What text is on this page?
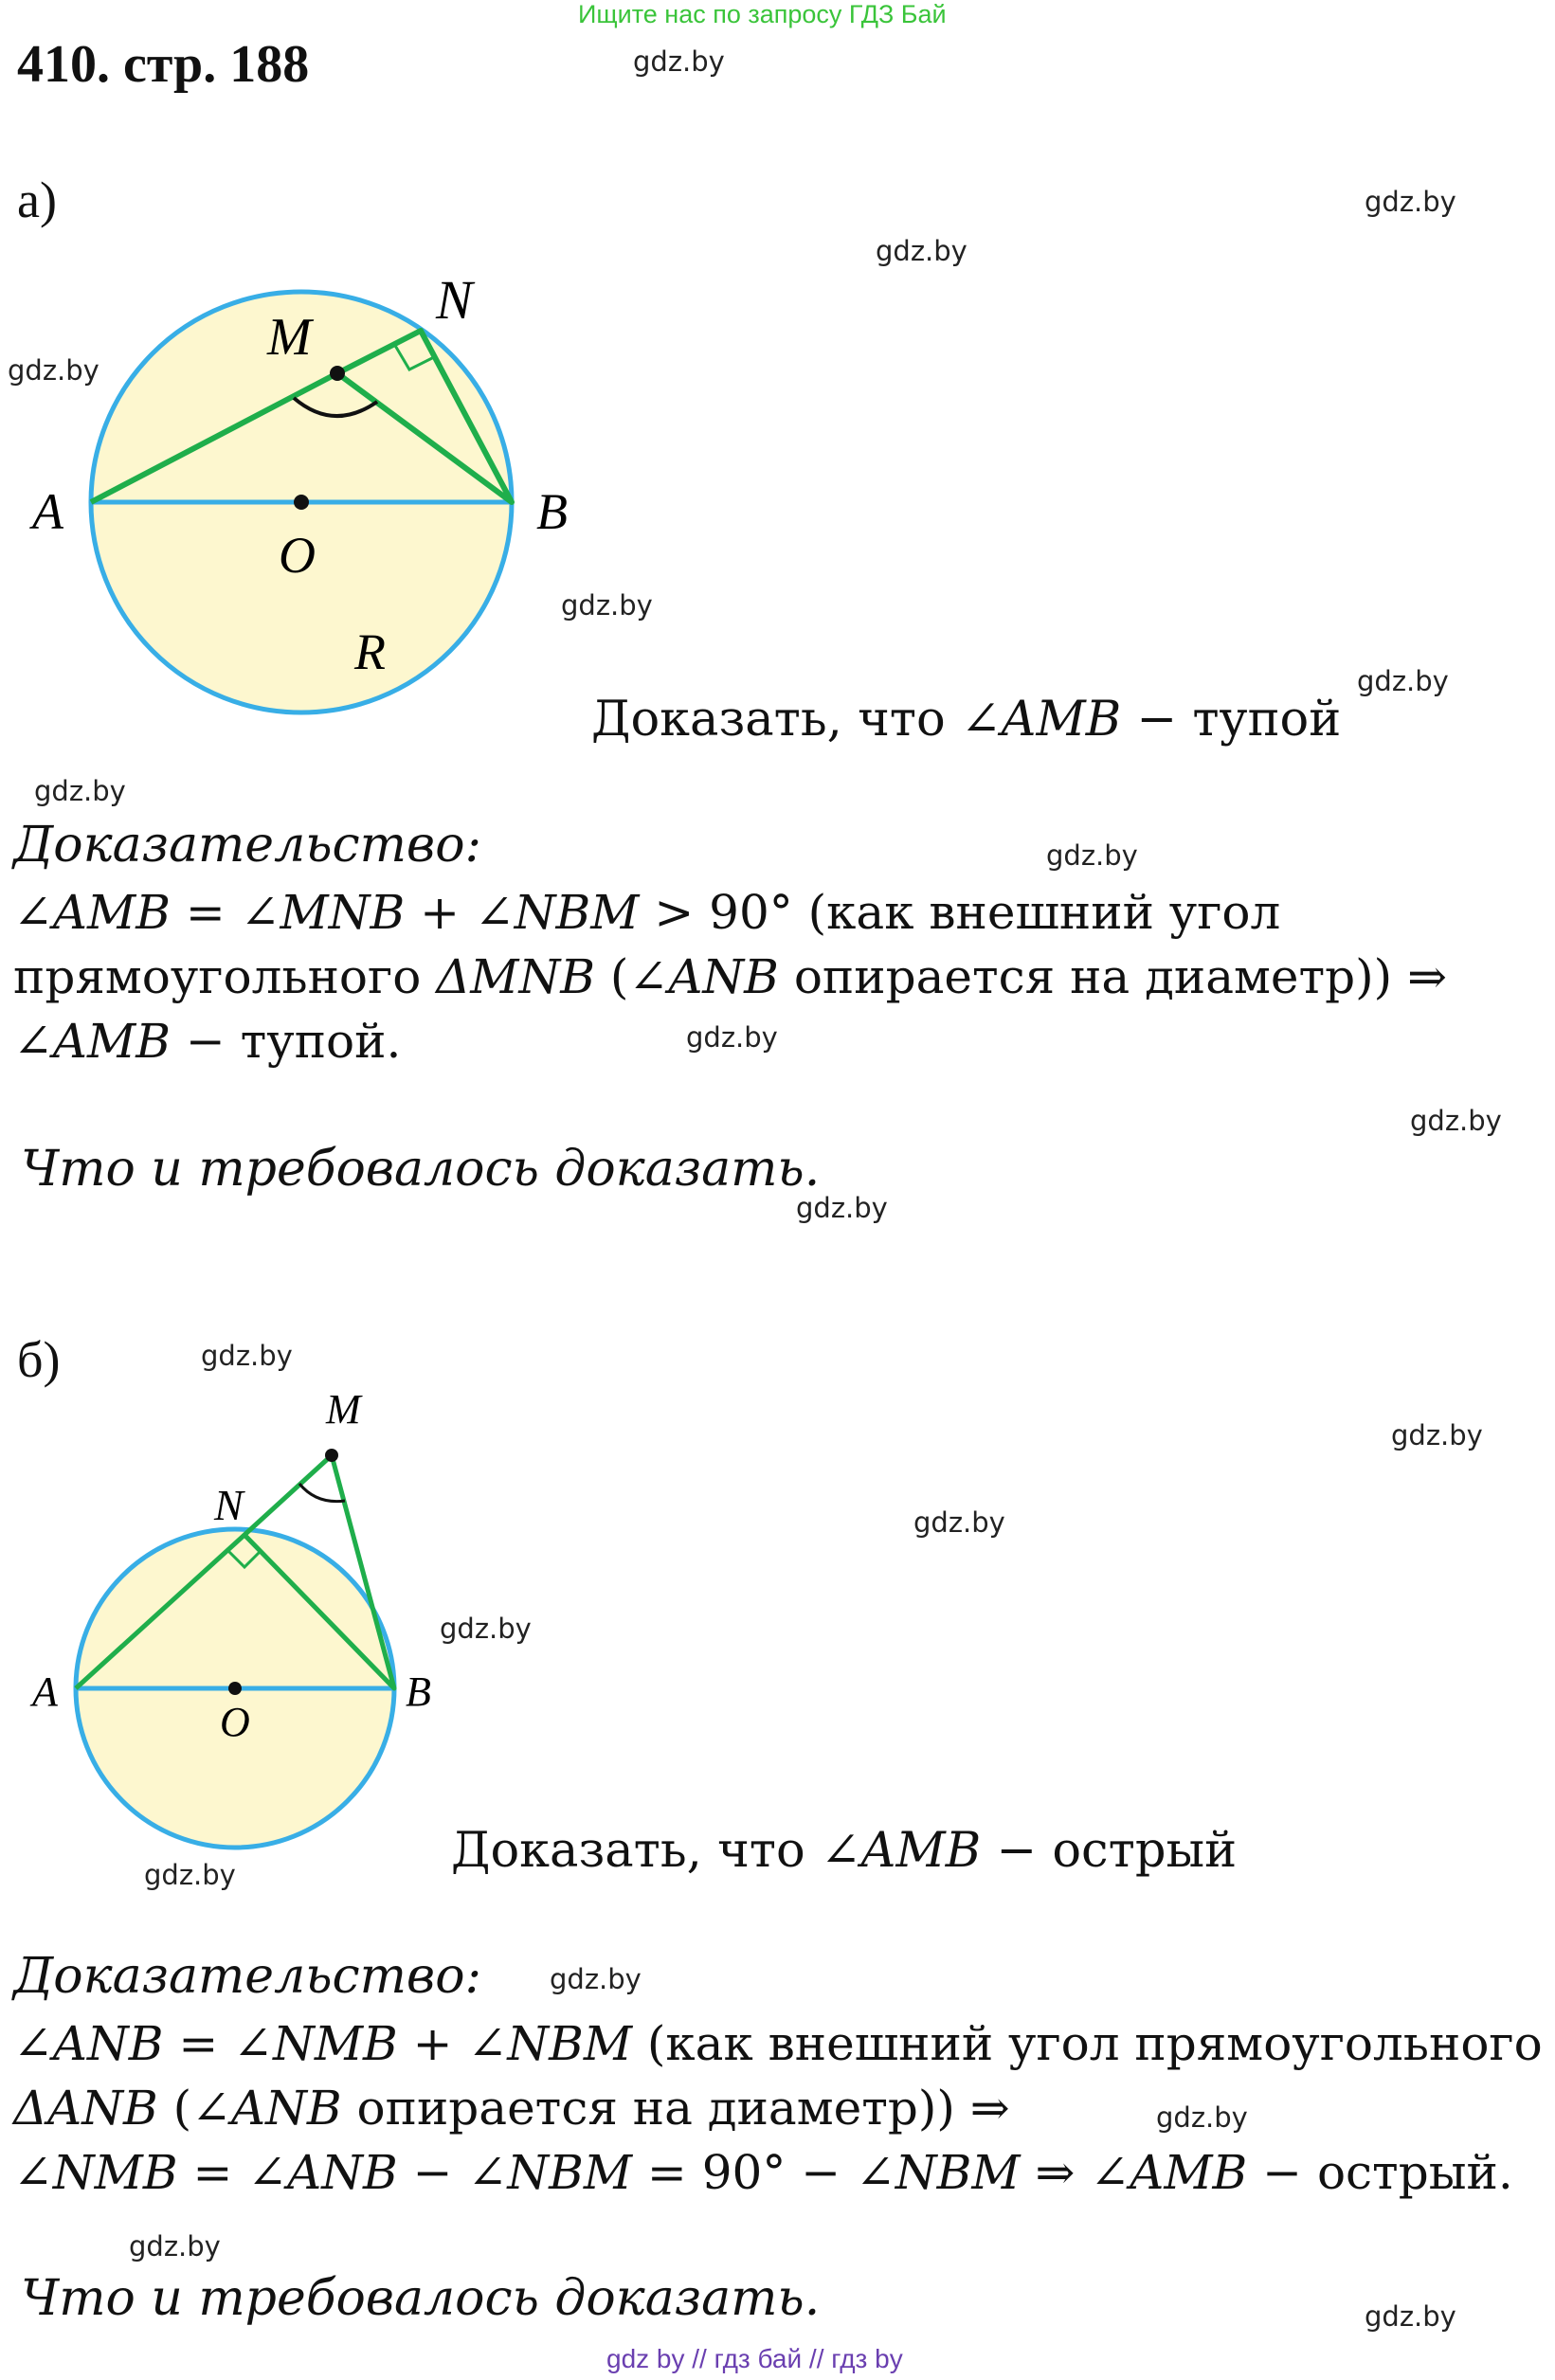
Ищите нас по запросу ГДЗ Бай
410. стр. 188	gdz.by
gdz.by
gdz.by
gdz.by
gdz.by
gdz.by
gdz.by
gdz.by
gdz.by
gdz.by
gdz.by
gdz.by
gdz.by
gdz.by
gdz.by
gdz.by
gdz.by
gdz.by
gdz.by
gdz.by
а)
A	B
M
N
O
R
Доказать, что ∠AMB − тупой
Доказательство:
∠AMB = ∠MNB + ∠NBM > 90° (как внешний угол
прямоугольного ΔMNB (∠ANB опирается на диаметр)) ⇒
∠AMB − тупой.
Что и требовалось доказать.
б)
A	B
M
N
O
Доказать, что ∠AMB − острый
Доказательство:
∠ANB = ∠NMB + ∠NBM (как внешний угол прямоугольного
ΔANB (∠ANB опирается на диаметр)) ⇒
∠NMB = ∠ANB − ∠NBM = 90° − ∠NBM ⇒ ∠AMB − острый.
Что и требовалось доказать.
gdz by // гдз бай // гдз by
